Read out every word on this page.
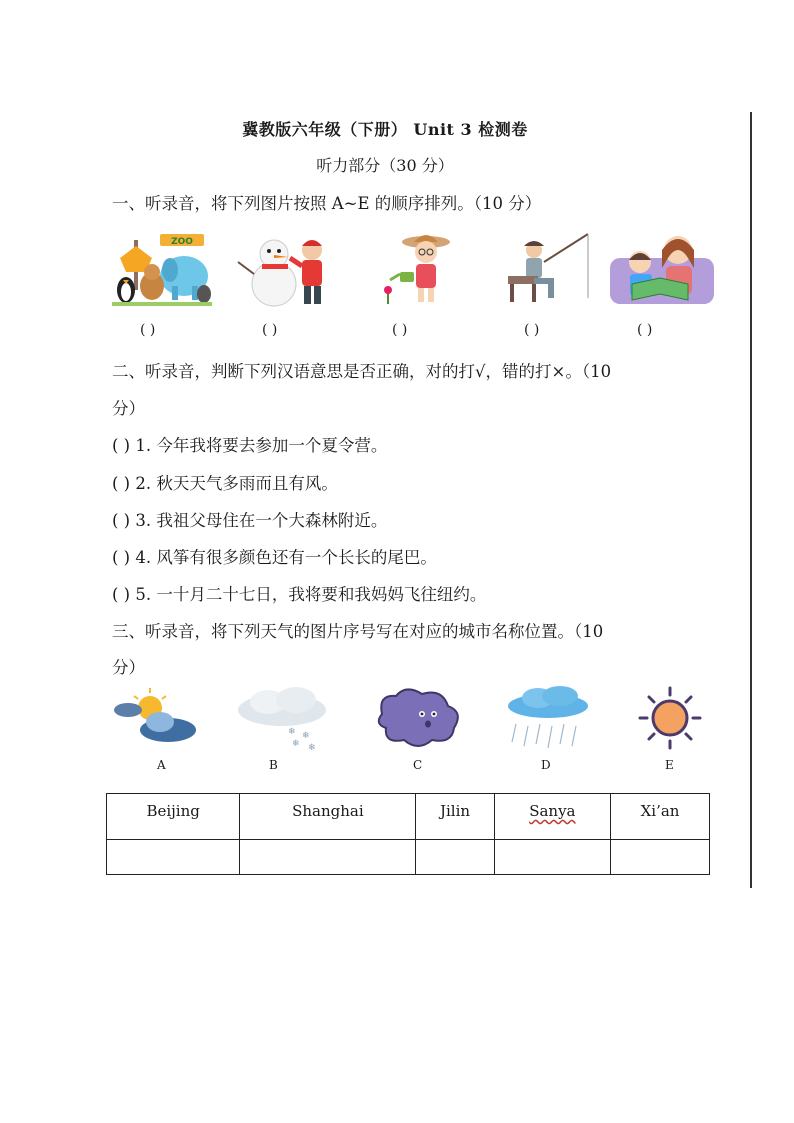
冀教版六年级（下册） Unit 3 检测卷
听力部分（30 分）
一、听录音，将下列图片按照 A~E 的顺序排列。（10 分）
ZOO
( )	( )	( )	( )	( )
二、听录音，判断下列汉语意思是否正确，对的打√，错的打×。（10
分）
( ) 1. 今年我将要去参加一个夏令营。
( ) 2. 秋天天气多雨而且有风。
( ) 3. 我祖父母住在一个大森林附近。
( ) 4. 风筝有很多颜色还有一个长长的尾巴。
( ) 5. 一十月二十七日，我将要和我妈妈飞往纽约。
三、听录音，将下列天气的图片序号写在对应的城市名称位置。（10
分）
❄ ❄
❄ ❄
A	B	C	D	E
Beijing	Shanghai	Jilin	Sanya	Xi’an
